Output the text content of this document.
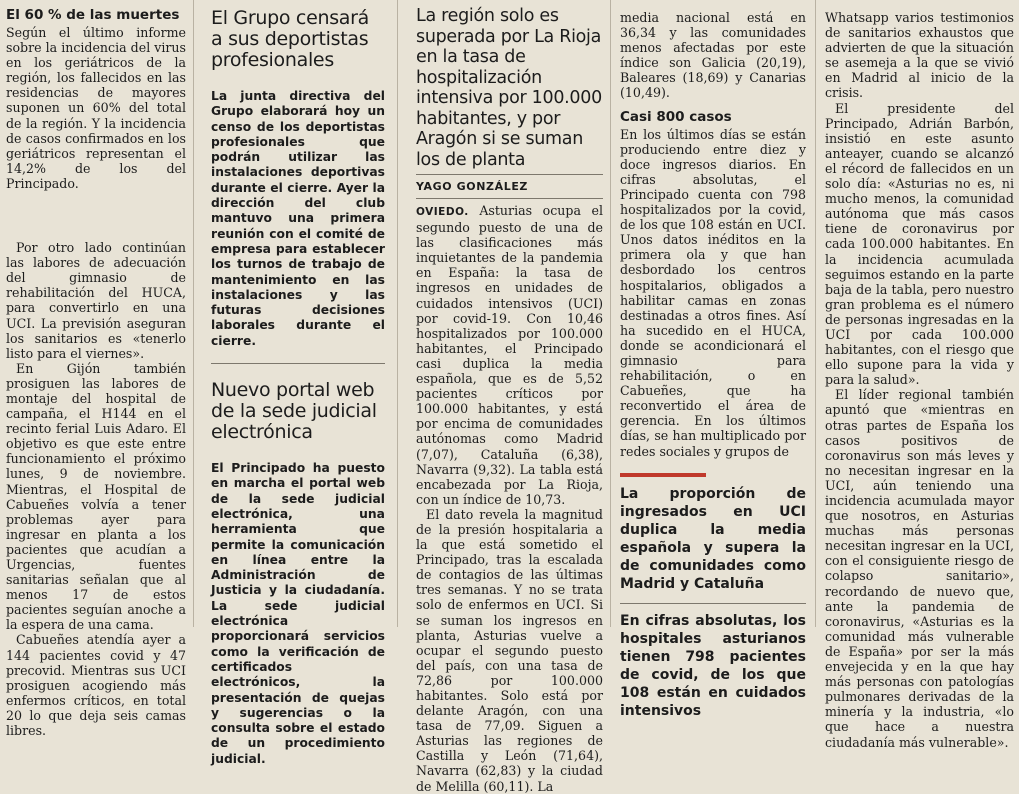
El 60 % de las muertes

Según el último informe sobre la incidencia del virus en los geriátricos de la región, los fallecidos en las residencias de mayores suponen un 60% del total de la región. Y la incidencia de casos confirmados en los geriátricos representan el 14,2% de los del Principado.

Por otro lado continúan las labores de adecuación del gimnasio de rehabilitación del HUCA, para convertirlo en una UCI. La previsión aseguran los sanitarios es «tenerlo listo para el viernes».

En Gijón también prosiguen las labores de montaje del hospital de campaña, el H144 en el recinto ferial Luis Adaro. El objetivo es que este entre funcionamiento el próximo lunes, 9 de noviembre. Mientras, el Hospital de Cabueñes volvía a tener problemas ayer para ingresar en planta a los pacientes que acudían a Urgencias, fuentes sanitarias señalan que al menos 17 de estos pacientes seguían anoche a la espera de una cama.

Cabueñes atendía ayer a 144 pacientes covid y 47 precovid. Mientras sus UCI prosiguen acogiendo más enfermos críticos, en total 20 lo que deja seis camas libres.

El Grupo censará a sus deportistas profesionales

La junta directiva del Grupo elaborará hoy un censo de los deportistas profesionales que podrán utilizar las instalaciones deportivas durante el cierre. Ayer la dirección del club mantuvo una primera reunión con el comité de empresa para establecer los turnos de trabajo de mantenimiento en las instalaciones y las futuras decisiones laborales durante el cierre.

Nuevo portal web de la sede judicial electrónica

El Principado ha puesto en marcha el portal web de la sede judicial electrónica, una herramienta que permite la comunicación en línea entre la Administración de Justicia y la ciudadanía. La sede judicial electrónica proporcionará servicios como la verificación de certificados electrónicos, la presentación de quejas y sugerencias o la consulta sobre el estado de un procedimiento judicial.

La región solo es superada por La Rioja en la tasa de hospitalización intensiva por 100.000 habitantes, y por Aragón si se suman los de planta
YAGO GONZÁLEZ

OVIEDO. Asturias ocupa el segundo puesto de una de las clasificaciones más inquietantes de la pandemia en España: la tasa de ingresos en unidades de cuidados intensivos (UCI) por covid-19. Con 10,46 hospitalizados por 100.000 habitantes, el Principado casi duplica la media española, que es de 5,52 pacientes críticos por 100.000 habitantes, y está por encima de comunidades autónomas como Madrid (7,07), Cataluña (6,38), Navarra (9,32). La tabla está encabezada por La Rioja, con un índice de 10,73.

El dato revela la magnitud de la presión hospitalaria a la que está sometido el Principado, tras la escalada de contagios de las últimas tres semanas. Y no se trata solo de enfermos en UCI. Si se suman los ingresos en planta, Asturias vuelve a ocupar el segundo puesto del país, con una tasa de 72,86 por 100.000 habitantes. Solo está por delante Aragón, con una tasa de 77,09. Siguen a Asturias las regiones de Castilla y León (71,64), Navarra (62,83) y la ciudad de Melilla (60,11). La

media nacional está en 36,34 y las comunidades menos afectadas por este índice son Galicia (20,19), Baleares (18,69) y Canarias (10,49).

Casi 800 casos

En los últimos días se están produciendo entre diez y doce ingresos diarios. En cifras absolutas, el Principado cuenta con 798 hospitalizados por la covid, de los que 108 están en UCI. Unos datos inéditos en la primera ola y que han desbordado los centros hospitalarios, obligados a habilitar camas en zonas destinadas a otros fines. Así ha sucedido en el HUCA, donde se acondicionará el gimnasio para rehabilitación, o en Cabueñes, que ha reconvertido el área de gerencia. En los últimos días, se han multiplicado por redes sociales y grupos de

La proporción de ingresados en UCI duplica la media española y supera la de comunidades como Madrid y Cataluña

En cifras absolutas, los hospitales asturianos tienen 798 pacientes de covid, de los que 108 están en cuidados intensivos

Whatsapp varios testimonios de sanitarios exhaustos que advierten de que la situación se asemeja a la que se vivió en Madrid al inicio de la crisis.

El presidente del Principado, Adrián Barbón, insistió en este asunto anteayer, cuando se alcanzó el récord de fallecidos en un solo día: «Asturias no es, ni mucho menos, la comunidad autónoma que más casos tiene de coronavirus por cada 100.000 habitantes. En la incidencia acumulada seguimos estando en la parte baja de la tabla, pero nuestro gran problema es el número de personas ingresadas en la UCI por cada 100.000 habitantes, con el riesgo que ello supone para la vida y para la salud».

El líder regional también apuntó que «mientras en otras partes de España los casos positivos de coronavirus son más leves y no necesitan ingresar en la UCI, aún teniendo una incidencia acumulada mayor que nosotros, en Asturias muchas más personas necesitan ingresar en la UCI, con el consiguiente riesgo de colapso sanitario», recordando de nuevo que, ante la pandemia de coronavirus, «Asturias es la comunidad más vulnerable de España» por ser la más envejecida y en la que hay más personas con patologías pulmonares derivadas de la minería y la industria, «lo que hace a nuestra ciudadanía más vulnerable».
